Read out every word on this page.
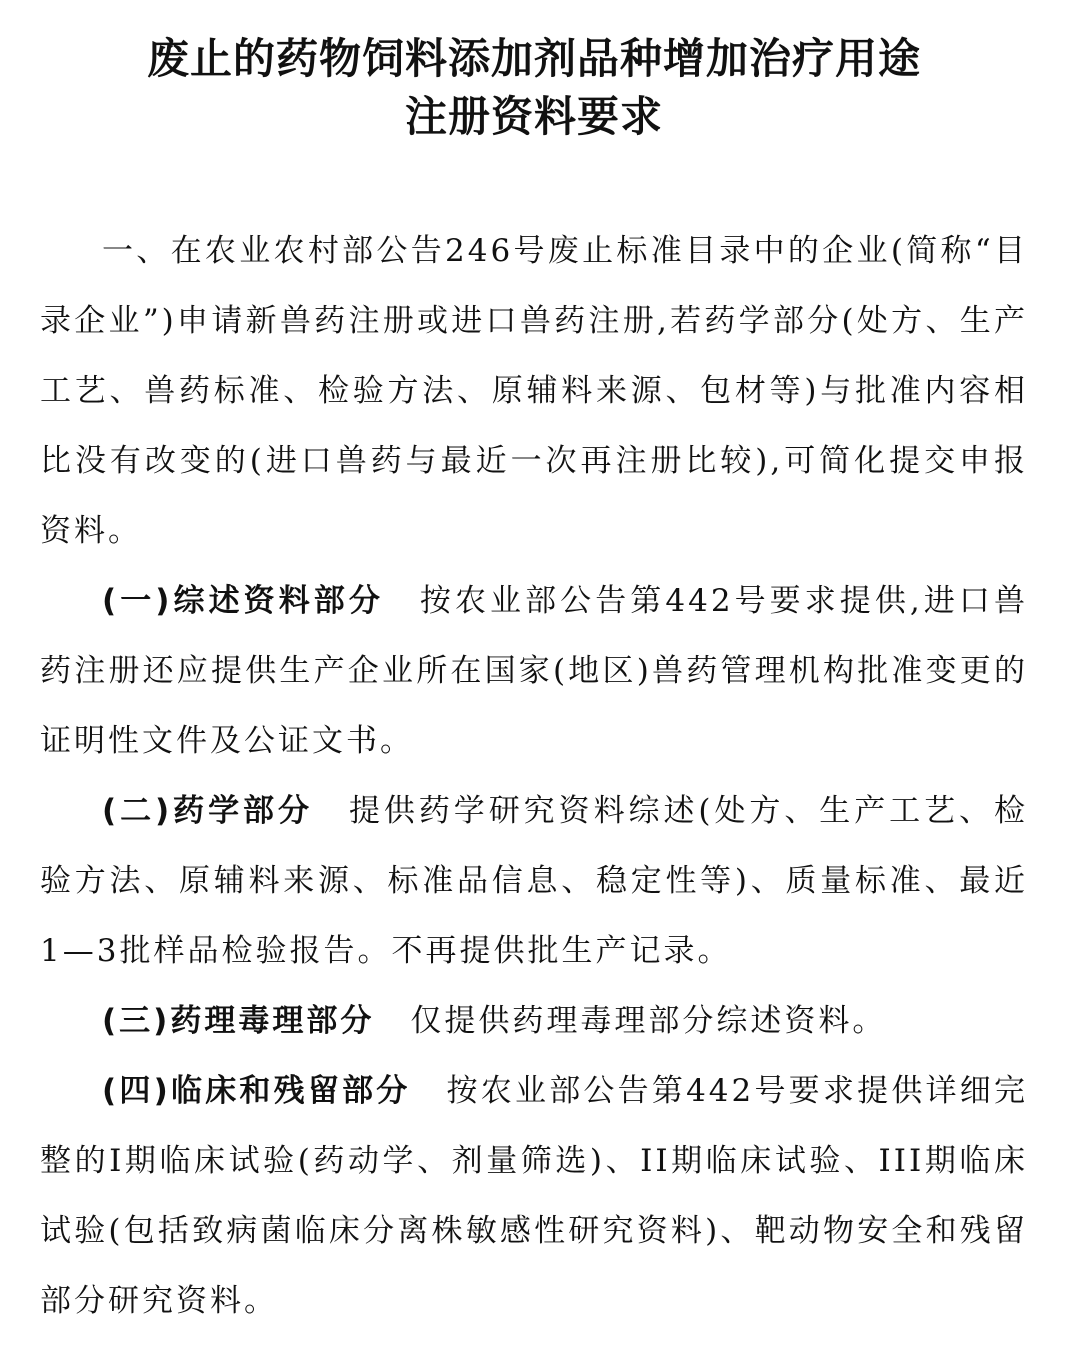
废止的药物饲料添加剂品种增加治疗用途
注册资料要求

一、在农业农村部公告246号废止标准目录中的企业(简称“目录企业”)申请新兽药注册或进口兽药注册,若药学部分(处方、生产工艺、兽药标准、检验方法、原辅料来源、包材等)与批准内容相比没有改变的(进口兽药与最近一次再注册比较),可简化提交申报资料。

(一)综述资料部分 按农业部公告第442号要求提供,进口兽药注册还应提供生产企业所在国家(地区)兽药管理机构批准变更的证明性文件及公证文书。

(二)药学部分 提供药学研究资料综述(处方、生产工艺、检验方法、原辅料来源、标准品信息、稳定性等)、质量标准、最近1—3批样品检验报告。不再提供批生产记录。

(三)药理毒理部分 仅提供药理毒理部分综述资料。

(四)临床和残留部分 按农业部公告第442号要求提供详细完整的I期临床试验(药动学、剂量筛选)、II期临床试验、III期临床试验(包括致病菌临床分离株敏感性研究资料)、靶动物安全和残留部分研究资料。
